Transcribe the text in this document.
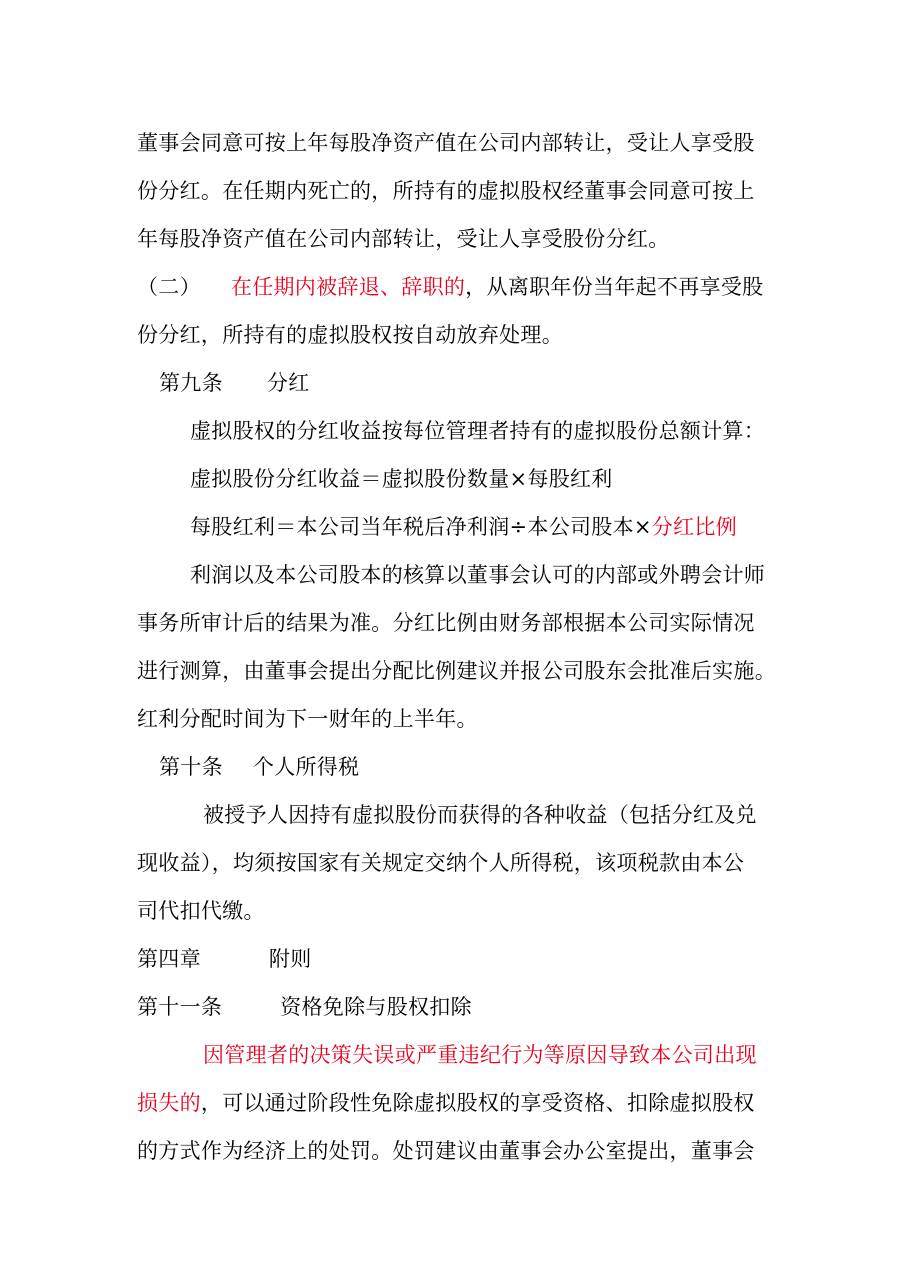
董事会同意可按上年每股净资产值在公司内部转让，受让人享受股
份分红。在任期内死亡的，所持有的虚拟股权经董事会同意可按上
年每股净资产值在公司内部转让，受让人享受股份分红。
（二） 在任期内被辞退、辞职的，从离职年份当年起不再享受股
份分红，所持有的虚拟股权按自动放弃处理。
第九条 分红
虚拟股权的分红收益按每位管理者持有的虚拟股份总额计算：
虚拟股份分红收益＝虚拟股份数量×每股红利
每股红利＝本公司当年税后净利润÷本公司股本×分红比例
利润以及本公司股本的核算以董事会认可的内部或外聘会计师
事务所审计后的结果为准。分红比例由财务部根据本公司实际情况
进行测算，由董事会提出分配比例建议并报公司股东会批准后实施。
红利分配时间为下一财年的上半年。
第十条 个人所得税
被授予人因持有虚拟股份而获得的各种收益（包括分红及兑
现收益），均须按国家有关规定交纳个人所得税，该项税款由本公
司代扣代缴。
第四章	附则
第十一条	资格免除与股权扣除
因管理者的决策失误或严重违纪行为等原因导致本公司出现
损失的，可以通过阶段性免除虚拟股权的享受资格、扣除虚拟股权
的方式作为经济上的处罚。处罚建议由董事会办公室提出，董事会
